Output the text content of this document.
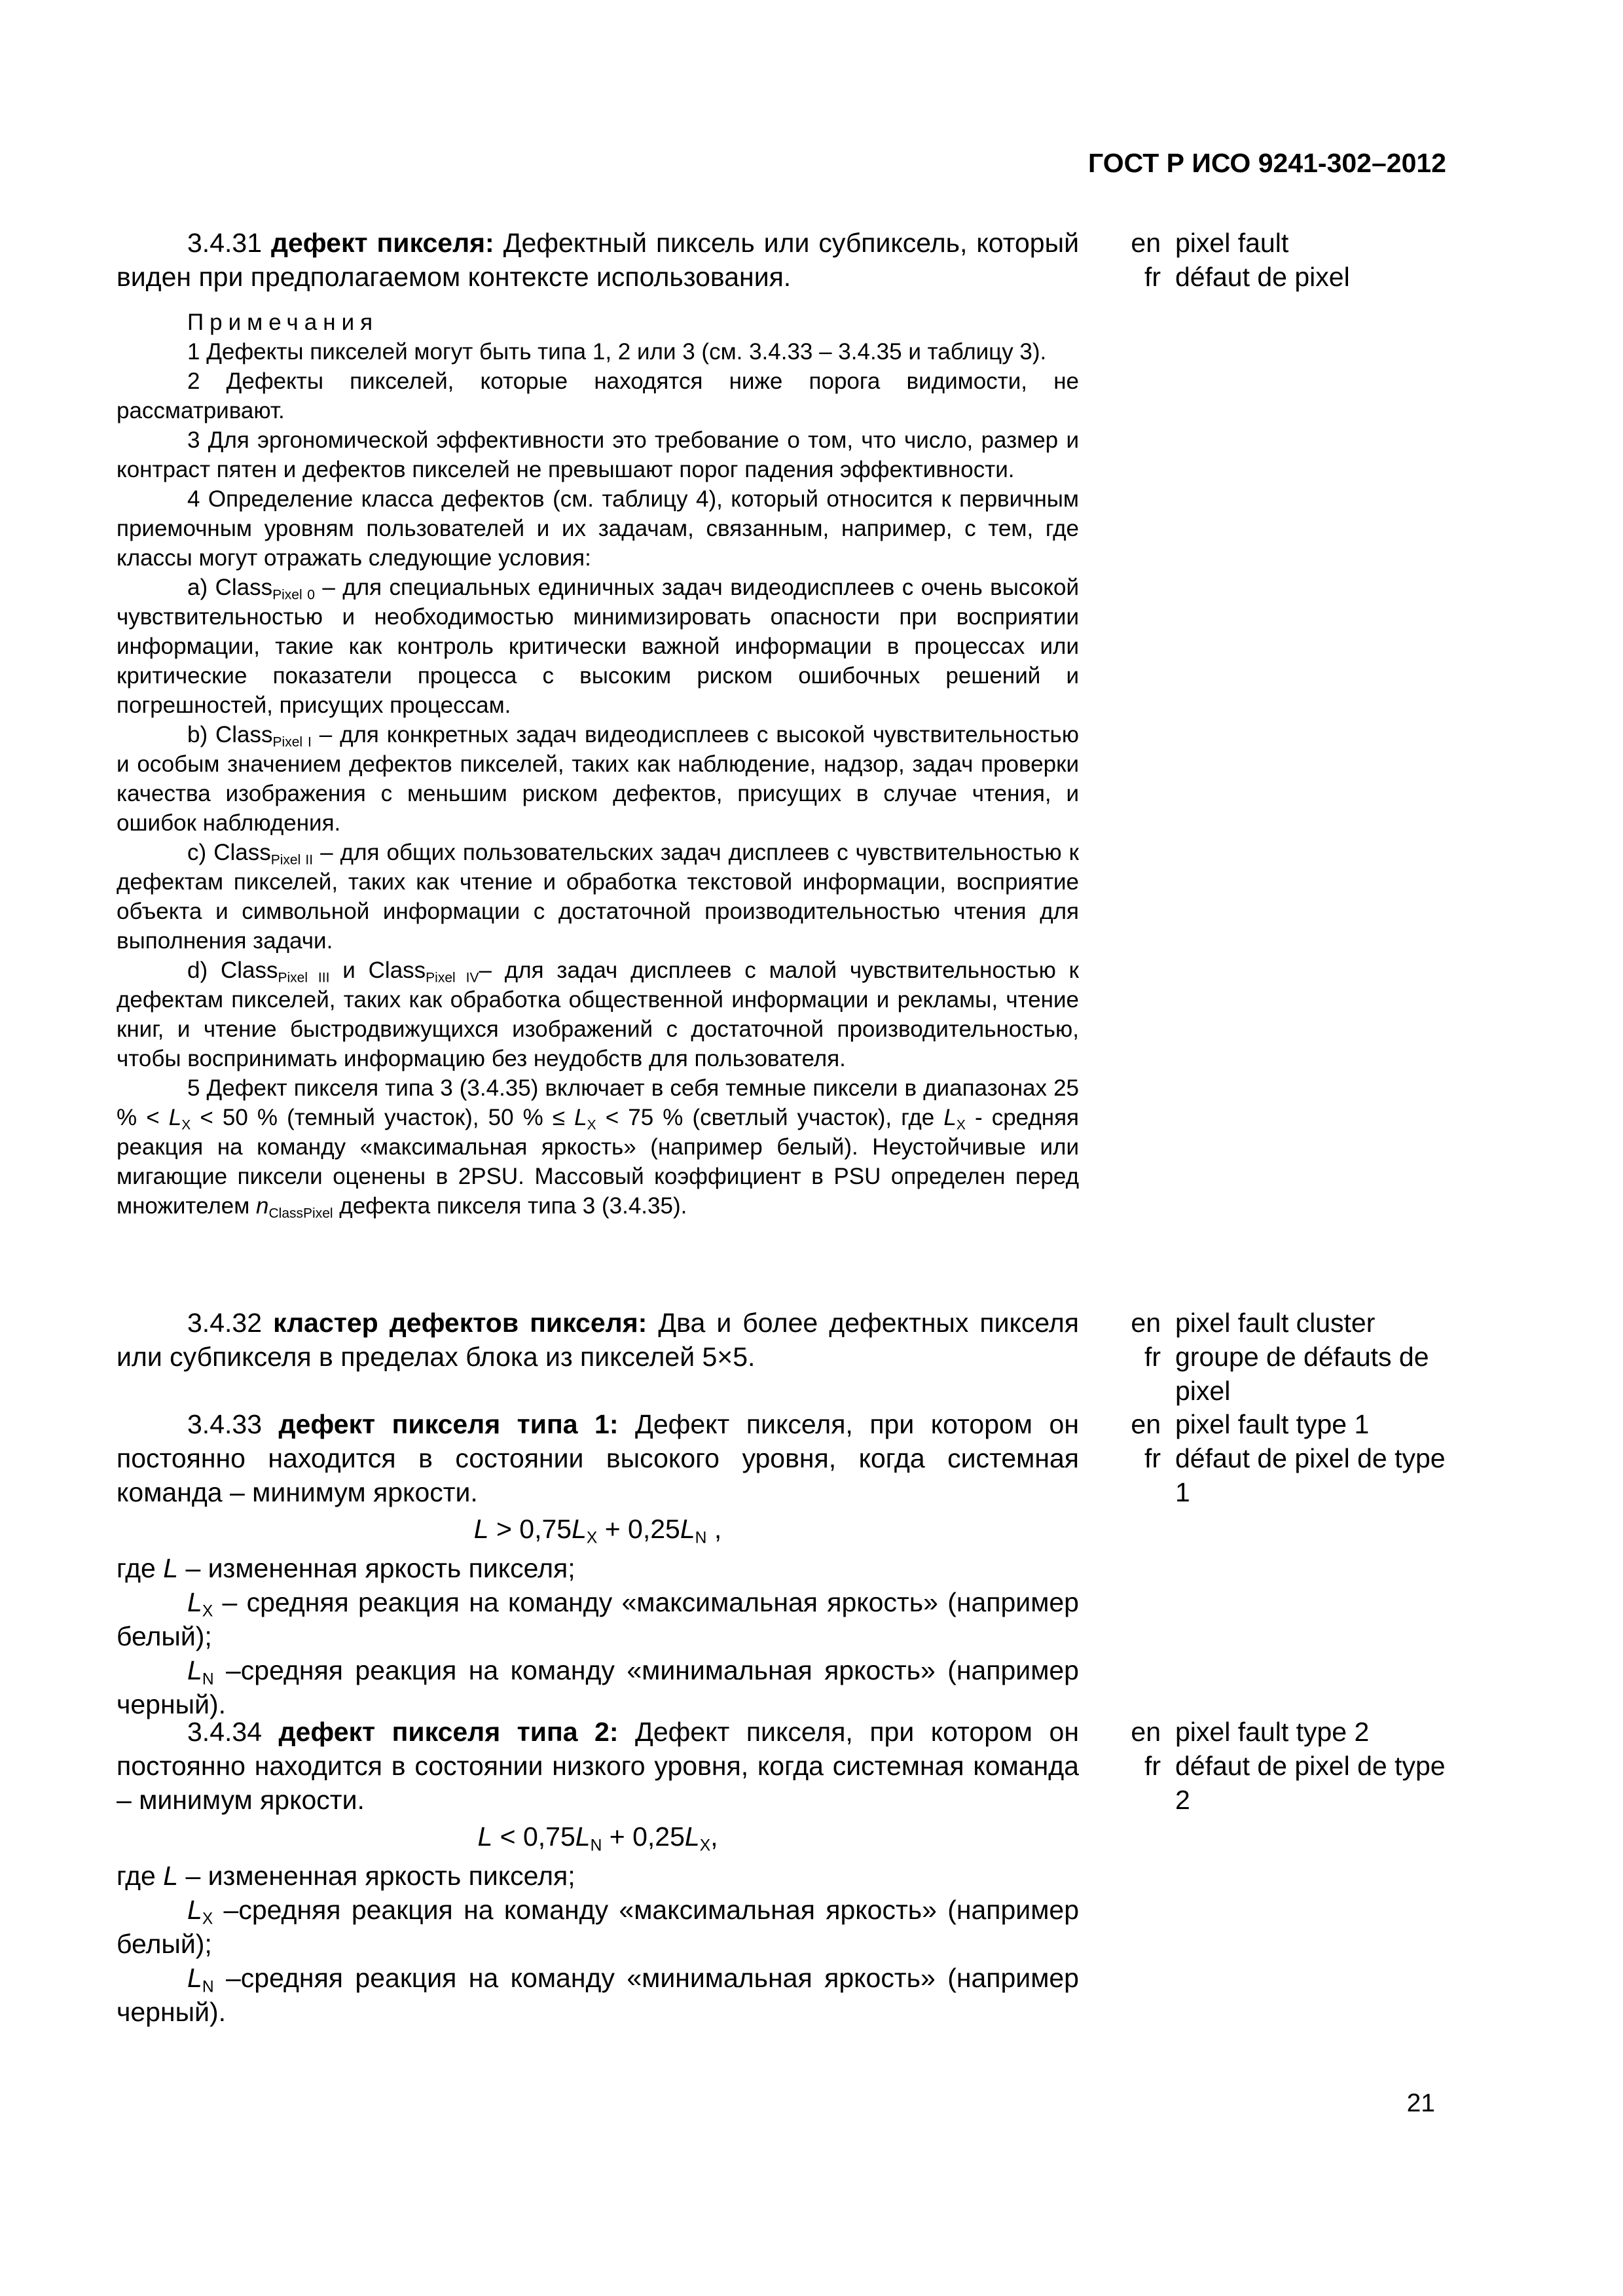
ГОСТ Р ИСО 9241-302–2012

3.4.31 дефект пикселя: Дефектный пиксель или субпиксель, который виден при предполагаемом контексте использования.

en pixel fault
fr défaut de pixel

Примечания

1 Дефекты пикселей могут быть типа 1, 2 или 3 (см. 3.4.33 – 3.4.35 и таблицу 3).

2 Дефекты пикселей, которые находятся ниже порога видимости, не рассматривают.

3 Для эргономической эффективности это требование о том, что число, размер и контраст пятен и дефектов пикселей не превышают порог падения эффективности.

4 Определение класса дефектов (см. таблицу 4), который относится к первичным приемочным уровням пользователей и их задачам, связанным, например, с тем, где классы могут отражать следующие условия:

a) Class$_{Pixel 0}$ – для специальных единичных задач видеодисплеев с очень высокой чувствительностью и необходимостью минимизировать опасности при восприятии информации, такие как контроль критически важной информации в процессах или критические показатели процесса с высоким риском ошибочных решений и погрешностей, присущих процессам.

b) Class$_{Pixel I}$ – для конкретных задач видеодисплеев с высокой чувствительностью и особым значением дефектов пикселей, таких как наблюдение, надзор, задач проверки качества изображения с меньшим риском дефектов, присущих в случае чтения, и ошибок наблюдения.

c) Class$_{Pixel II}$ – для общих пользовательских задач дисплеев с чувствительностью к дефектам пикселей, таких как чтение и обработка текстовой информации, восприятие объекта и символьной информации с достаточной производительностью чтения для выполнения задачи.

d) Class$_{Pixel III}$ и Class$_{Pixel IV}$– для задач дисплеев с малой чувствительностью к дефектам пикселей, таких как обработка общественной информации и рекламы, чтение книг, и чтение быстродвижущихся изображений с достаточной производительностью, чтобы воспринимать информацию без неудобств для пользователя.

5 Дефект пикселя типа 3 (3.4.35) включает в себя темные пиксели в диапазонах 25 % < $L_X < 50$ % (темный участок), 50 % ≤ $L_X < 75$ % (светлый участок), где $L_X$ - средняя реакция на команду «максимальная яркость» (например белый). Неустойчивые или мигающие пиксели оценены в 2PSU. Массовый коэффициент в PSU определен перед множителем $n_{ClassPixel}$ дефекта пикселя типа 3 (3.4.35).

3.4.32 кластер дефектов пикселя: Два и более дефектных пикселя или субпикселя в пределах блока из пикселей 5×5.

en pixel fault cluster
fr groupe de défauts de pixel

3.4.33 дефект пикселя типа 1: Дефект пикселя, при котором он постоянно находится в состоянии высокого уровня, когда системная команда – минимум яркости.

$L > 0,75L_X + 0,25L_N$ ,

где L – измененная яркость пикселя;

$L_X$ – средняя реакция на команду «максимальная яркость» (например белый);

$L_N$ –средняя реакция на команду «минимальная яркость» (например черный).

en pixel fault type 1
fr défaut de pixel de type 1

3.4.34 дефект пикселя типа 2: Дефект пикселя, при котором он постоянно находится в состоянии низкого уровня, когда системная команда – минимум яркости.

$L < 0,75L_N + 0,25L_X$,

где L – измененная яркость пикселя;

$L_X$ –средняя реакция на команду «максимальная яркость» (например белый);

$L_N$ –средняя реакция на команду «минимальная яркость» (например черный).

en pixel fault type 2
fr défaut de pixel de type 2
21
